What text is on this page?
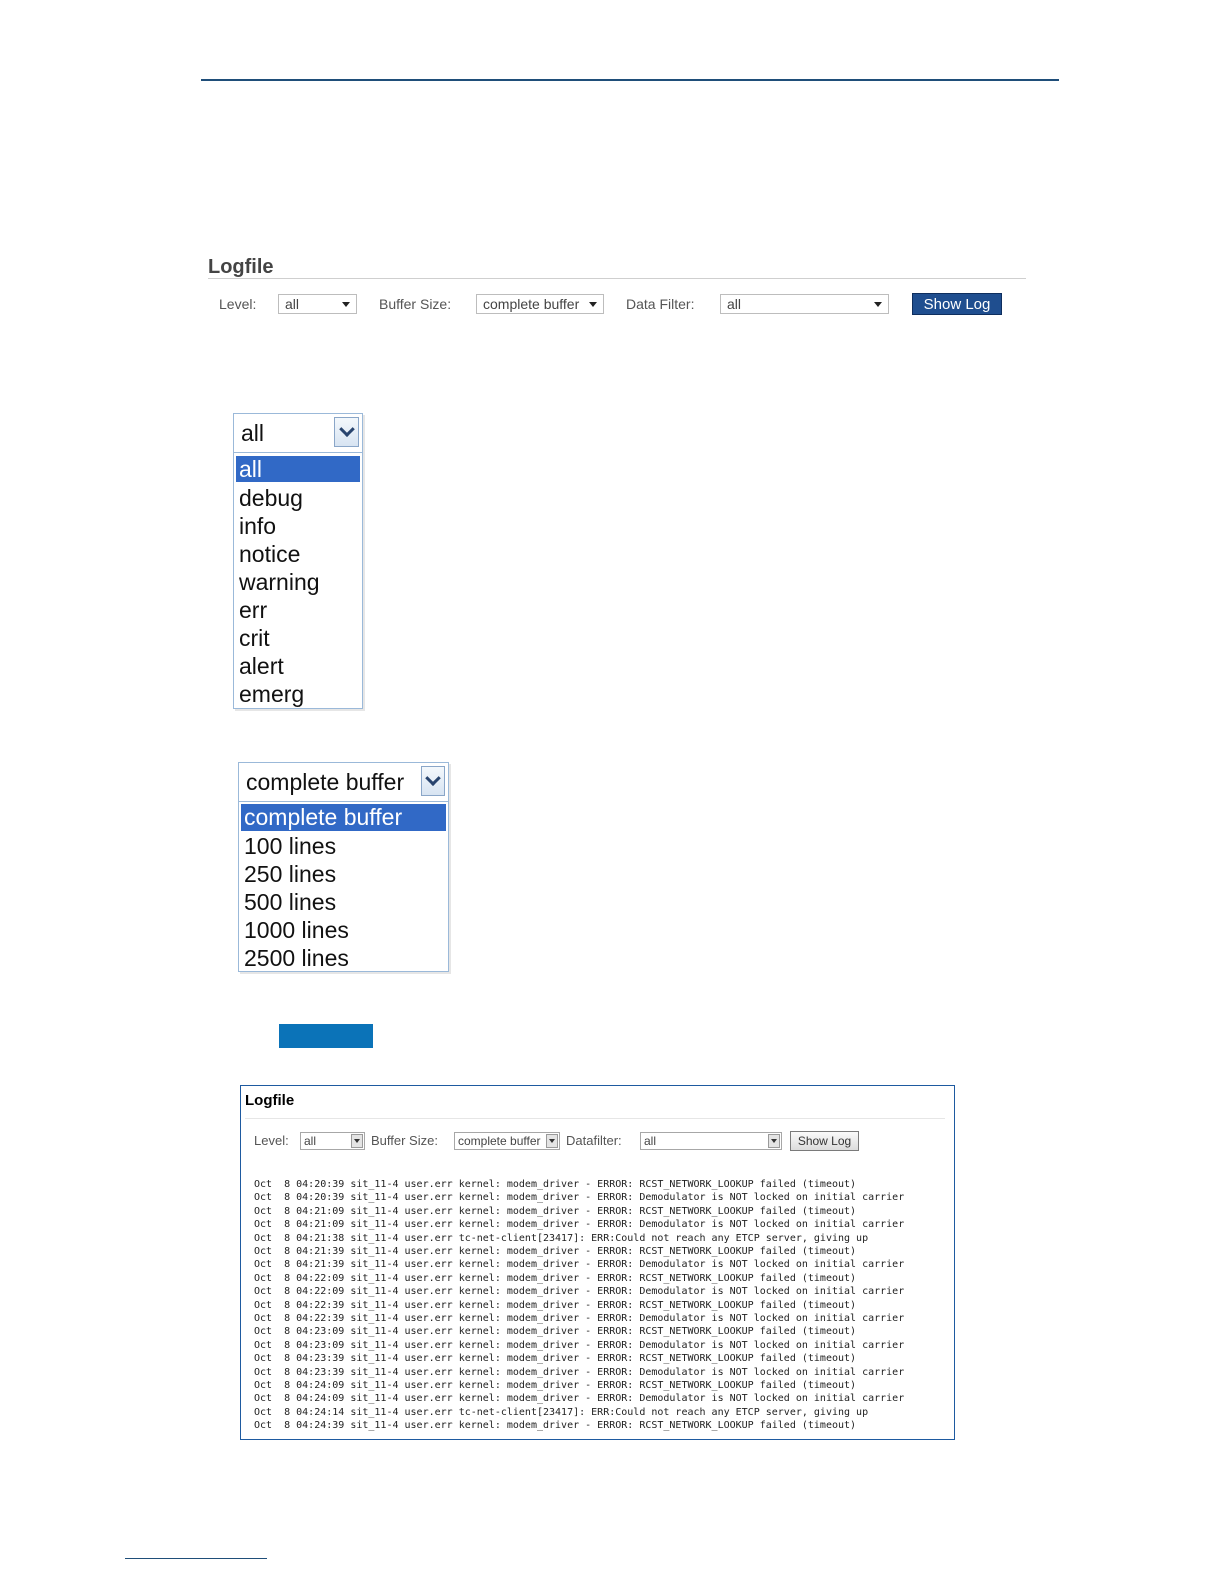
Logfile
Level:	all	Buffer Size:	complete buffer	Data Filter:	all	Show Log
all
all
debug
info
notice
warning
err
crit
alert
emerg
complete buffer
complete buffer
100 lines
250 lines
500 lines
1000 lines
2500 lines
Logfile
Level:	all	Buffer Size:	complete buffer	Datafilter:	all	Show Log
Oct  8 04:20:39 sit_11-4 user.err kernel: modem_driver - ERROR: RCST_NETWORK_LOOKUP failed (timeout)
Oct  8 04:20:39 sit_11-4 user.err kernel: modem_driver - ERROR: Demodulator is NOT locked on initial carrier
Oct  8 04:21:09 sit_11-4 user.err kernel: modem_driver - ERROR: RCST_NETWORK_LOOKUP failed (timeout)
Oct  8 04:21:09 sit_11-4 user.err kernel: modem_driver - ERROR: Demodulator is NOT locked on initial carrier
Oct  8 04:21:38 sit_11-4 user.err tc-net-client[23417]: ERR:Could not reach any ETCP server, giving up
Oct  8 04:21:39 sit_11-4 user.err kernel: modem_driver - ERROR: RCST_NETWORK_LOOKUP failed (timeout)
Oct  8 04:21:39 sit_11-4 user.err kernel: modem_driver - ERROR: Demodulator is NOT locked on initial carrier
Oct  8 04:22:09 sit_11-4 user.err kernel: modem_driver - ERROR: RCST_NETWORK_LOOKUP failed (timeout)
Oct  8 04:22:09 sit_11-4 user.err kernel: modem_driver - ERROR: Demodulator is NOT locked on initial carrier
Oct  8 04:22:39 sit_11-4 user.err kernel: modem_driver - ERROR: RCST_NETWORK_LOOKUP failed (timeout)
Oct  8 04:22:39 sit_11-4 user.err kernel: modem_driver - ERROR: Demodulator is NOT locked on initial carrier
Oct  8 04:23:09 sit_11-4 user.err kernel: modem_driver - ERROR: RCST_NETWORK_LOOKUP failed (timeout)
Oct  8 04:23:09 sit_11-4 user.err kernel: modem_driver - ERROR: Demodulator is NOT locked on initial carrier
Oct  8 04:23:39 sit_11-4 user.err kernel: modem_driver - ERROR: RCST_NETWORK_LOOKUP failed (timeout)
Oct  8 04:23:39 sit_11-4 user.err kernel: modem_driver - ERROR: Demodulator is NOT locked on initial carrier
Oct  8 04:24:09 sit_11-4 user.err kernel: modem_driver - ERROR: RCST_NETWORK_LOOKUP failed (timeout)
Oct  8 04:24:09 sit_11-4 user.err kernel: modem_driver - ERROR: Demodulator is NOT locked on initial carrier
Oct  8 04:24:14 sit_11-4 user.err tc-net-client[23417]: ERR:Could not reach any ETCP server, giving up
Oct  8 04:24:39 sit_11-4 user.err kernel: modem_driver - ERROR: RCST_NETWORK_LOOKUP failed (timeout)
